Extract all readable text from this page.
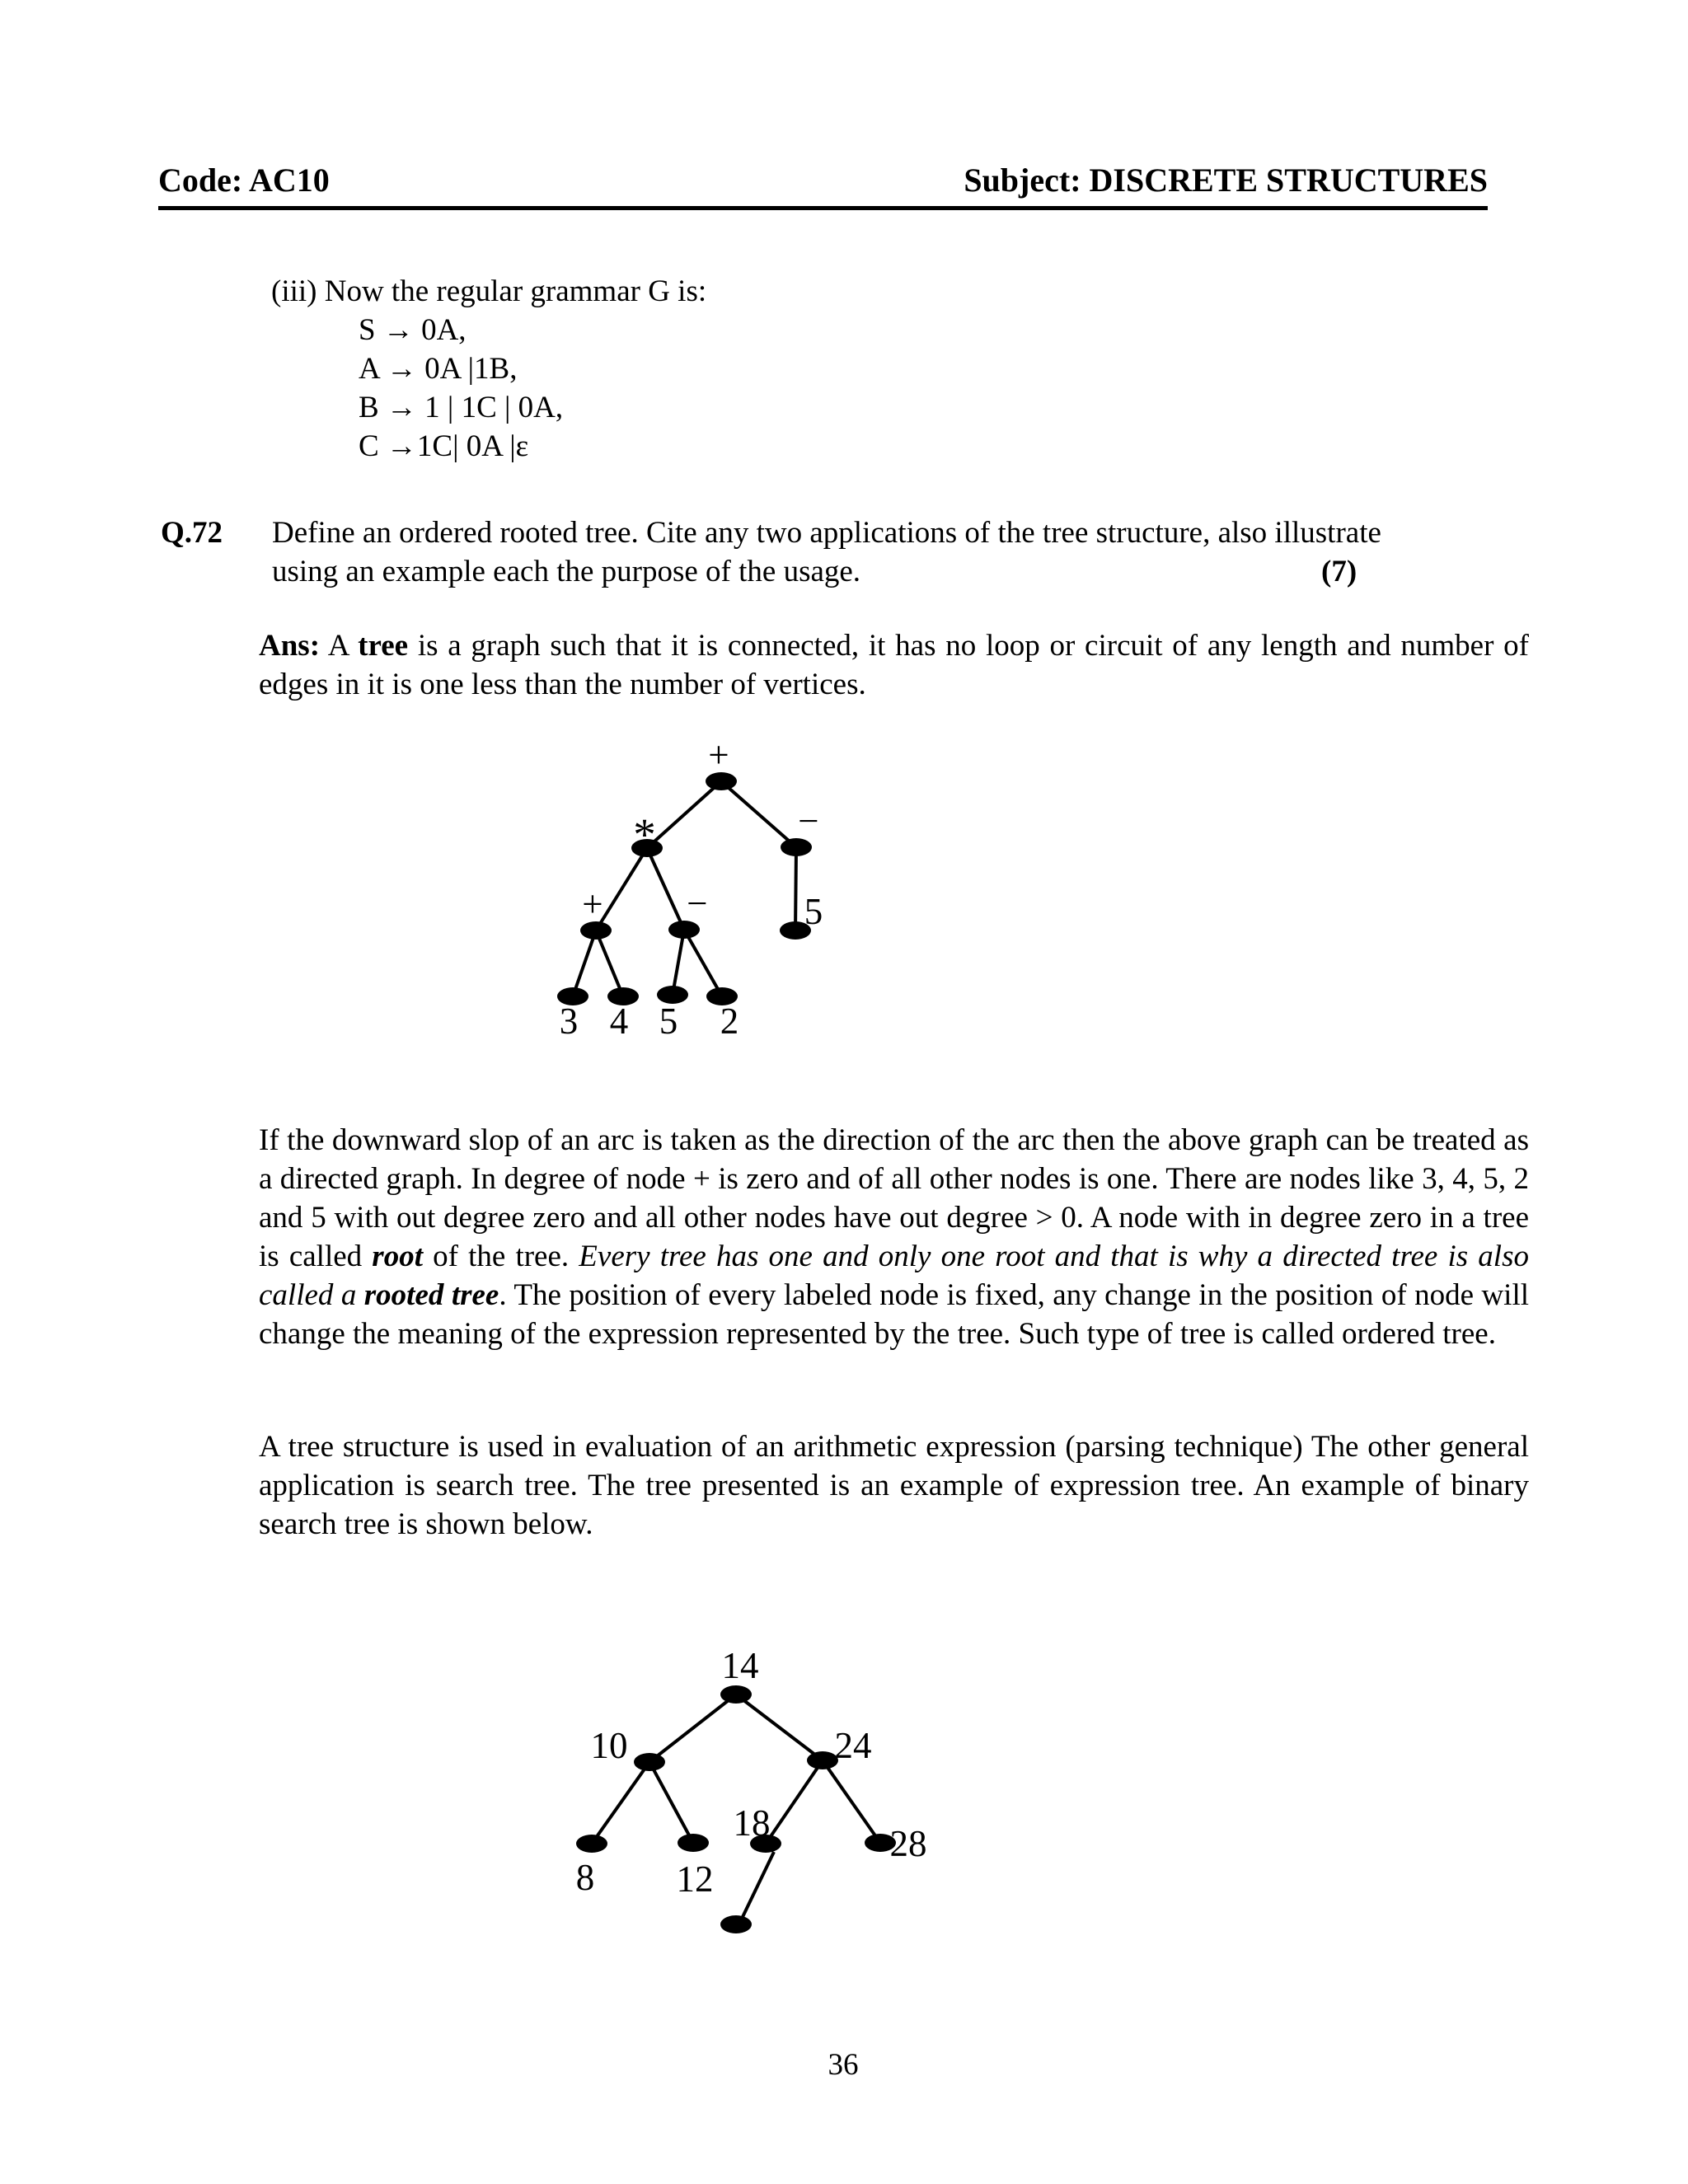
Code: AC10	Subject: DISCRETE STRUCTURES
(iii) Now the regular grammar G is:
S → 0A,
A → 0A |1B,
B → 1 | 1C | 0A,
C →1C| 0A |ε
Q.72 Define an ordered rooted tree. Cite any two applications of the tree structure, also illustrate
using an example each the purpose of the usage.	(7)
Ans: A tree is a graph such that it is connected, it has no loop or circuit of any length and number of edges in it is one less than the number of vertices.
+
*	−
5
+ −
3 4 5 2
If the downward slop of an arc is taken as the direction of the arc then the above graph can be treated as a directed graph. In degree of node + is zero and of all other nodes is one. There are nodes like 3, 4, 5, 2 and 5 with out degree zero and all other nodes have out degree > 0. A node with in degree zero in a tree is called root of the tree. Every tree has one and only one root and that is why a directed tree is also called a rooted tree. The position of every labeled node is fixed, any change in the position of node will change the meaning of the expression represented by the tree. Such type of tree is called ordered tree.
A tree structure is used in evaluation of an arithmetic expression (parsing technique) The other general application is search tree. The tree presented is an example of expression tree. An example of binary search tree is shown below.
14
10	24
8 12
18	28
36
